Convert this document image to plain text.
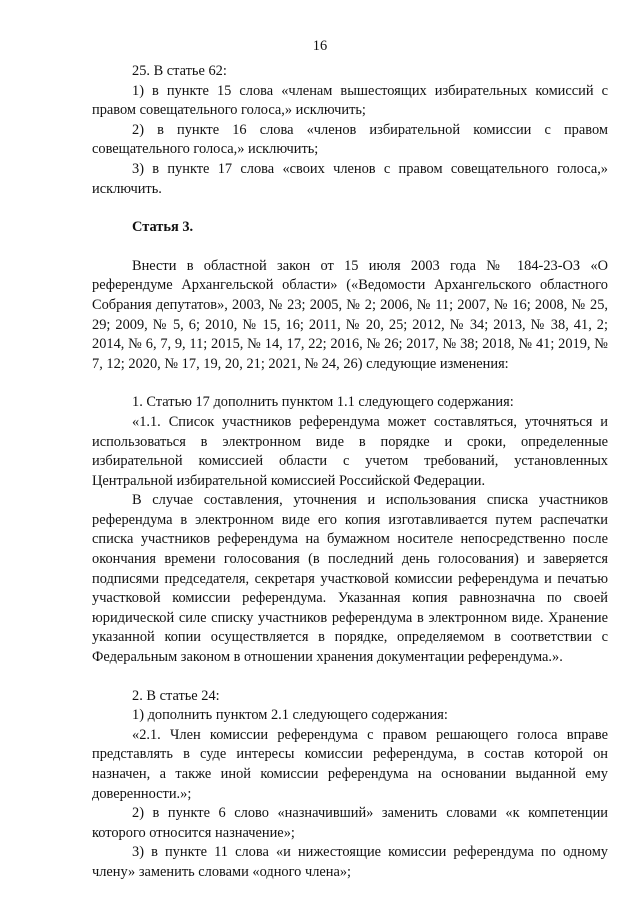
16

25. В статье 62:

1) в пункте 15 слова «членам вышестоящих избирательных комиссий с правом совещательного голоса,» исключить;

2) в пункте 16 слова «членов избирательной комиссии с правом совещательного голоса,» исключить;

3) в пункте 17 слова «своих членов с правом совещательного голоса,» исключить.

Статья 3.

Внести в областной закон от 15 июля 2003 года № 184-23-ОЗ «О референдуме Архангельской области» («Ведомости Архангельского областного Собрания депутатов», 2003, № 23; 2005, № 2; 2006, № 11; 2007, № 16; 2008, № 25, 29; 2009, № 5, 6; 2010, № 15, 16; 2011, № 20, 25; 2012, № 34; 2013, № 38, 41, 2; 2014, № 6, 7, 9, 11; 2015, № 14, 17, 22; 2016, № 26; 2017, № 38; 2018, № 41; 2019, № 7, 12; 2020, № 17, 19, 20, 21; 2021, № 24, 26) следующие изменения:

1. Статью 17 дополнить пунктом 1.1 следующего содержания:

«1.1. Список участников референдума может составляться, уточняться и использоваться в электронном виде в порядке и сроки, определенные избирательной комиссией области с учетом требований, установленных Центральной избирательной комиссией Российской Федерации.

В случае составления, уточнения и использования списка участников референдума в электронном виде его копия изготавливается путем распечатки списка участников референдума на бумажном носителе непосредственно после окончания времени голосования (в последний день голосования) и заверяется подписями председателя, секретаря участковой комиссии референдума и печатью участковой комиссии референдума. Указанная копия равнозначна по своей юридической силе списку участников референдума в электронном виде. Хранение указанной копии осуществляется в порядке, определяемом в соответствии с Федеральным законом в отношении хранения документации референдума.».

2. В статье 24:

1) дополнить пунктом 2.1 следующего содержания:

«2.1. Член комиссии референдума с правом решающего голоса вправе представлять в суде интересы комиссии референдума, в состав которой он назначен, а также иной комиссии референдума на основании выданной ему доверенности.»;

2) в пункте 6 слово «назначивший» заменить словами «к компетенции которого относится назначение»;

3) в пункте 11 слова «и нижестоящие комиссии референдума по одному члену» заменить словами «одного члена»;
